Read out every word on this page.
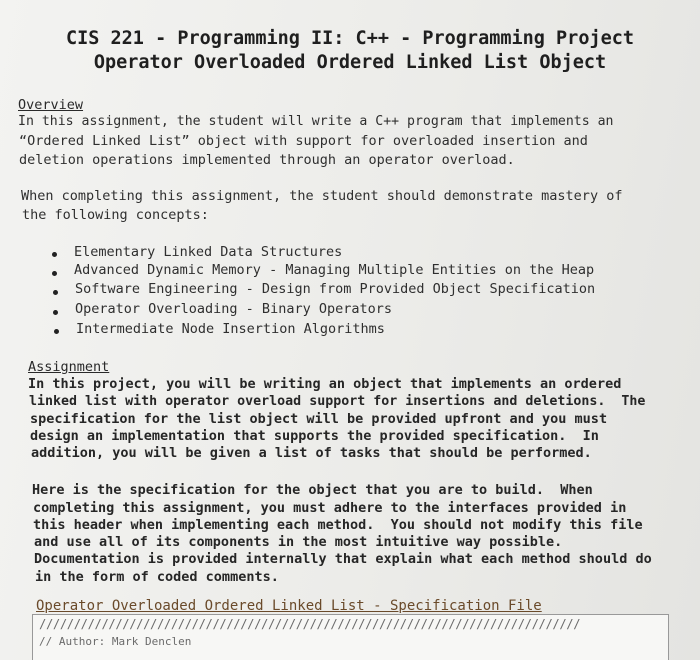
CIS 221 - Programming II: C++ - Programming Project
Operator Overloaded Ordered Linked List Object
Overview
In this assignment, the student will write a C++ program that implements an
“Ordered Linked List” object with support for overloaded insertion and
deletion operations implemented through an operator overload.
When completing this assignment, the student should demonstrate mastery of
the following concepts:
Elementary Linked Data Structures
Advanced Dynamic Memory - Managing Multiple Entities on the Heap
Software Engineering - Design from Provided Object Specification
Operator Overloading - Binary Operators
Intermediate Node Insertion Algorithms
Assignment
In this project, you will be writing an object that implements an ordered
linked list with operator overload support for insertions and deletions.  The
specification for the list object will be provided upfront and you must
design an implementation that supports the provided specification.  In
addition, you will be given a list of tasks that should be performed.
Here is the specification for the object that you are to build.  When
completing this assignment, you must adhere to the interfaces provided in
this header when implementing each method.  You should not modify this file
and use all of its components in the most intuitive way possible.
Documentation is provided internally that explain what each method should do
in the form of coded comments.
Operator Overloaded Ordered Linked List - Specification File
//////////////////////////////////////////////////////////////////////////////
// Author: Mark Denclen
